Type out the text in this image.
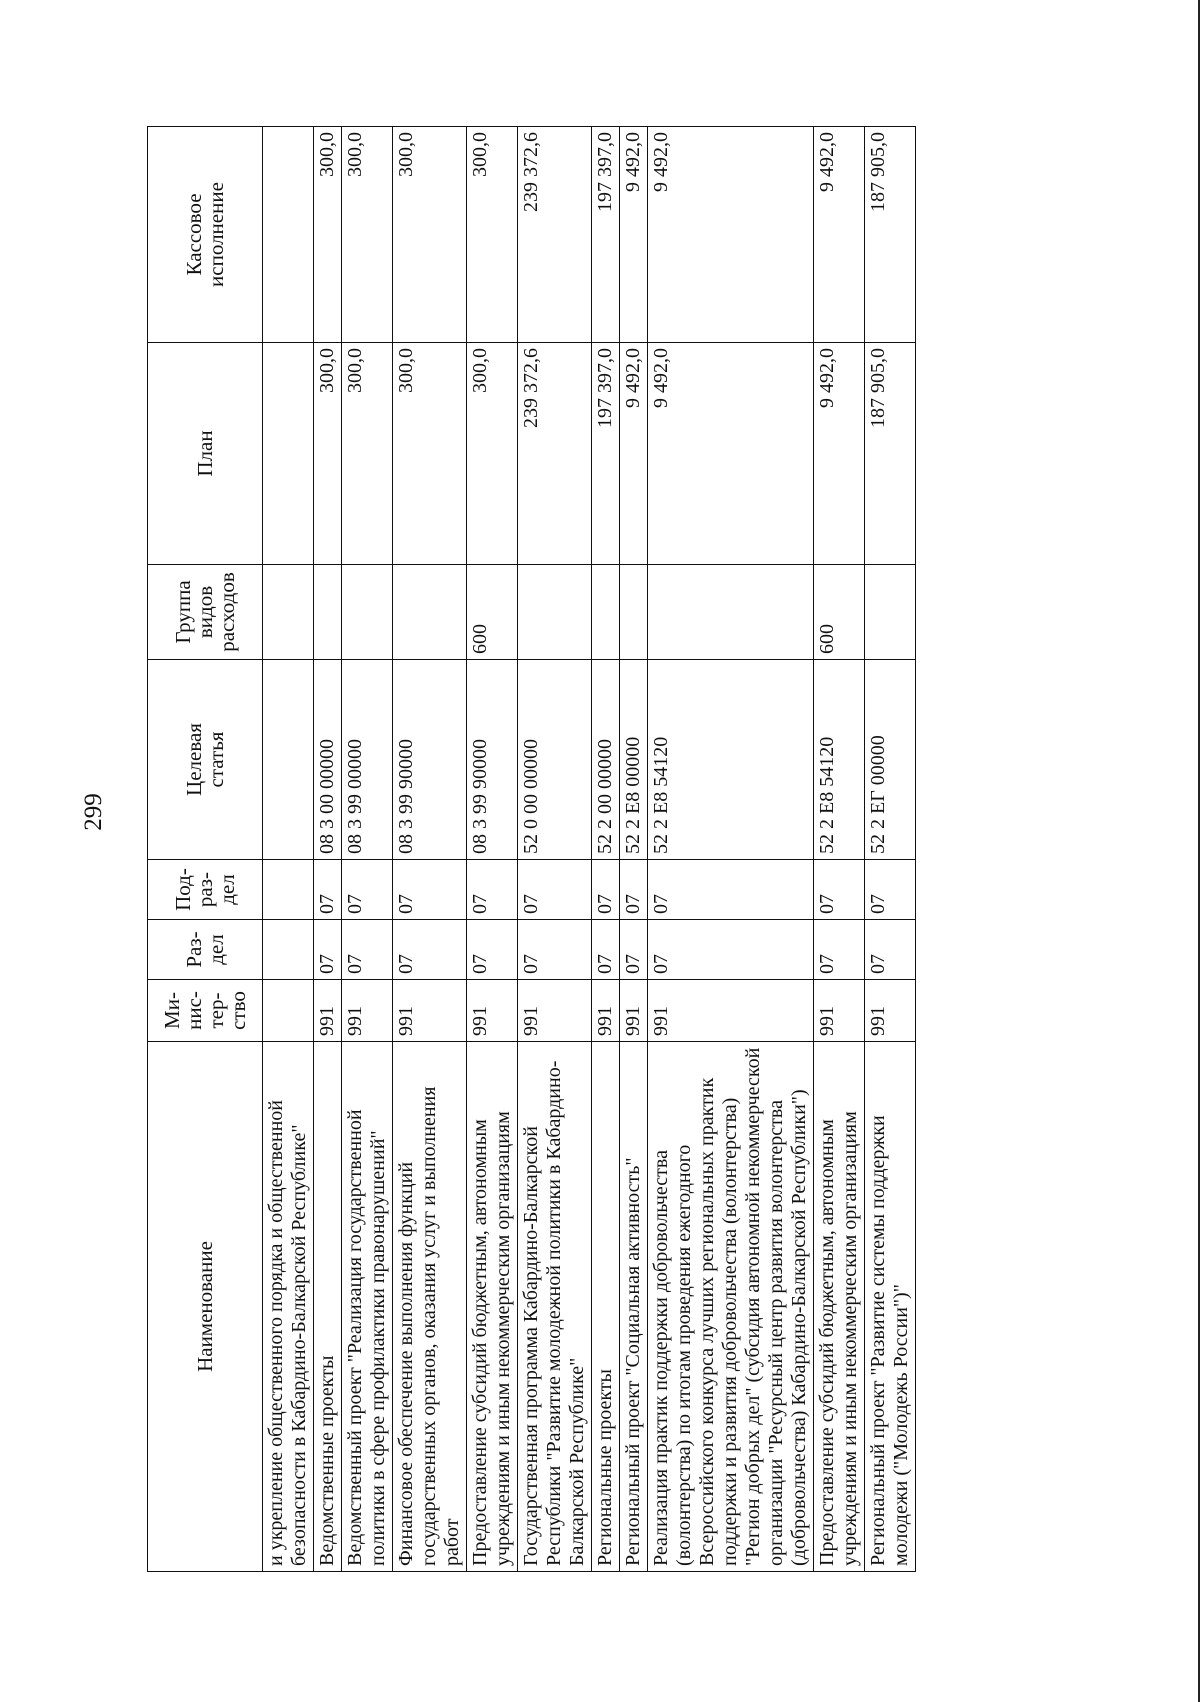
299
Наименование	Ми-
нис-
тер-
ство	Раз-
дел	Под-
раз-
дел	Целевая
статья	Группа
видов
расходов	План	Кассовое
исполнение
и укрепление общественного порядка и общественной безопасности в Кабардино-Балкарской Республике"							
Ведомственные проекты	991	07	07	08 3 00 00000		300,0	300,0
Ведомственный проект "Реализация государственной политики в сфере профилактики правонарушений"	991	07	07	08 3 99 00000		300,0	300,0
Финансовое обеспечение выполнения функций государственных органов, оказания услуг и выполнения работ	991	07	07	08 3 99 90000		300,0	300,0
Предоставление субсидий бюджетным, автономным учреждениям и иным некоммерческим организациям	991	07	07	08 3 99 90000	600	300,0	300,0
Государственная программа Кабардино-Балкарской Республики "Развитие молодежной политики в Кабардино-Балкарской Республике"	991	07	07	52 0 00 00000		239 372,6	239 372,6
Региональные проекты	991	07	07	52 2 00 00000		197 397,0	197 397,0
Региональный проект "Социальная активность"	991	07	07	52 2 E8 00000		9 492,0	9 492,0
Реализация практик поддержки добровольчества (волонтерства) по итогам проведения ежегодного Всероссийского конкурса лучших региональных практик поддержки и развития добровольчества (волонтерства) "Регион добрых дел" (субсидия автономной некоммерческой организации "Ресурсный центр развития волонтерства (добровольчества) Кабардино-Балкарской Республики")	991	07	07	52 2 E8 54120		9 492,0	9 492,0
Предоставление субсидий бюджетным, автономным учреждениям и иным некоммерческим организациям	991	07	07	52 2 E8 54120	600	9 492,0	9 492,0
Региональный проект "Развитие системы поддержки молодежи ("Молодежь России")"	991	07	07	52 2 ЕГ 00000		187 905,0	187 905,0
